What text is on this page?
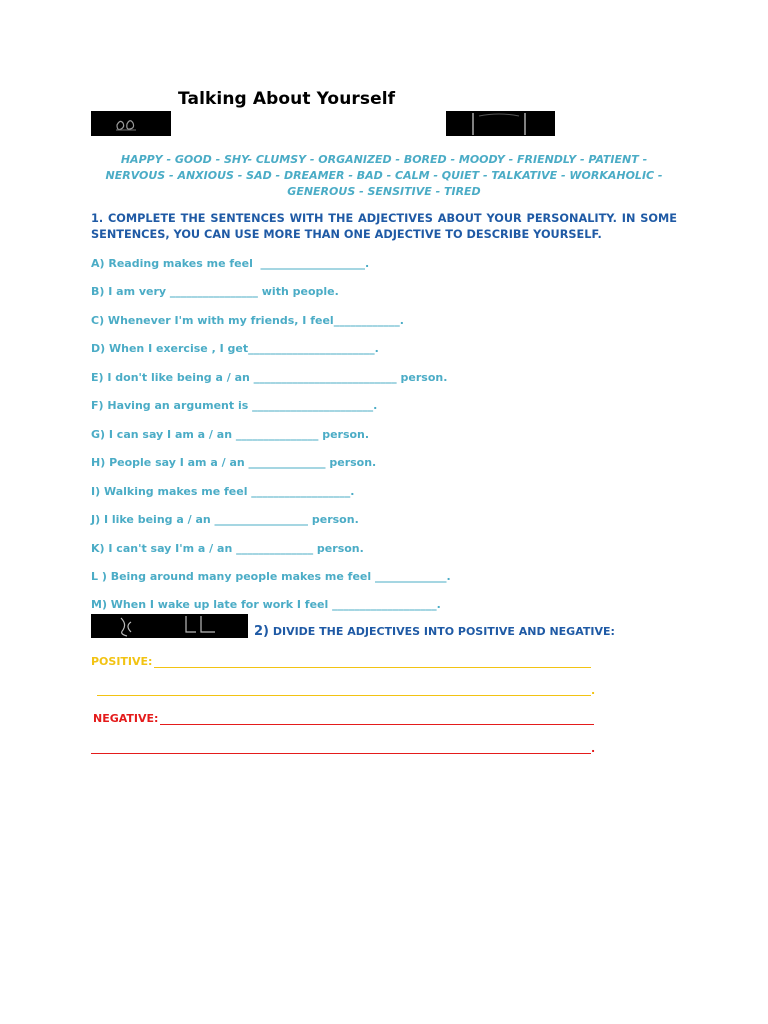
Talking About Yourself
HAPPY - GOOD - SHY- CLUMSY - ORGANIZED - BORED - MOODY - FRIENDLY - PATIENT -
NERVOUS - ANXIOUS - SAD - DREAMER - BAD - CALM - QUIET - TALKATIVE - WORKAHOLIC -
GENEROUS - SENSITIVE - TIRED
1. COMPLETE THE SENTENCES WITH THE ADJECTIVES ABOUT YOUR PERSONALITY. IN SOME SENTENCES, YOU CAN USE MORE THAN ONE ADJECTIVE TO DESCRIBE YOURSELF.
A) Reading makes me feel  ___________________.
B) I am very ________________ with people.
C) Whenever I'm with my friends, I feel____________.
D) When I exercise , I get_______________________.
E) I don't like being a / an __________________________ person.
F) Having an argument is ______________________.
G) I can say I am a / an _______________ person.
H) People say I am a / an ______________ person.
I) Walking makes me feel __________________.
J) I like being a / an _________________ person.
K) I can't say I'm a / an ______________ person.
L ) Being around many people makes me feel _____________.
M) When I wake up late for work I feel ___________________.
2) DIVIDE THE ADJECTIVES INTO POSITIVE AND NEGATIVE:
POSITIVE:
.
NEGATIVE:
.
